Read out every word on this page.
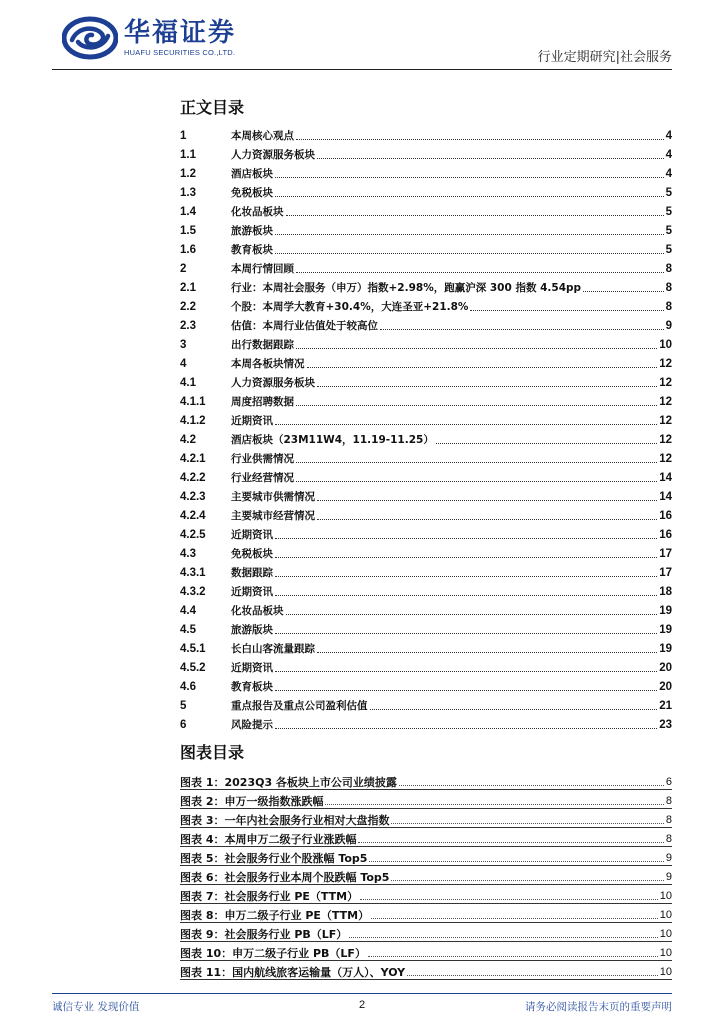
华福证券
HUAFU SECURITIES CO.,LTD.	行业定期研究|社会服务
正文目录
1	本周核心观点	4
1.1	人力资源服务板块	4
1.2	酒店板块	4
1.3	免税板块	5
1.4	化妆品板块	5
1.5	旅游板块	5
1.6	教育板块	5
2	本周行情回顾	8
2.1	行业：本周社会服务（申万）指数+2.98%，跑赢沪深 300 指数 4.54pp	8
2.2	个股：本周学大教育+30.4%，大连圣亚+21.8%	8
2.3	估值：本周行业估值处于较高位	9
3	出行数据跟踪	10
4	本周各板块情况	12
4.1	人力资源服务板块	12
4.1.1	周度招聘数据	12
4.1.2	近期资讯	12
4.2	酒店板块（23M11W4，11.19-11.25）	12
4.2.1	行业供需情况	12
4.2.2	行业经营情况	14
4.2.3	主要城市供需情况	14
4.2.4	主要城市经营情况	16
4.2.5	近期资讯	16
4.3	免税板块	17
4.3.1	数据跟踪	17
4.3.2	近期资讯	18
4.4	化妆品板块	19
4.5	旅游版块	19
4.5.1	长白山客流量跟踪	19
4.5.2	近期资讯	20
4.6	教育板块	20
5	重点报告及重点公司盈利估值	21
6	风险提示	23
图表目录
图表 1： 2023Q3 各板块上市公司业绩披露	6
图表 2： 申万一级指数涨跌幅	8
图表 3： 一年内社会服务行业相对大盘指数	8
图表 4： 本周申万二级子行业涨跌幅	8
图表 5： 社会服务行业个股涨幅 Top5	9
图表 6： 社会服务行业本周个股跌幅 Top5	9
图表 7： 社会服务行业 PE（TTM）	10
图表 8： 申万二级子行业 PE（TTM）	10
图表 9： 社会服务行业 PB（LF）	10
图表 10： 申万二级子行业 PB（LF）	10
图表 11： 国内航线旅客运输量（万人）、YOY	10
诚信专业 发现价值	2	请务必阅读报告末页的重要声明
